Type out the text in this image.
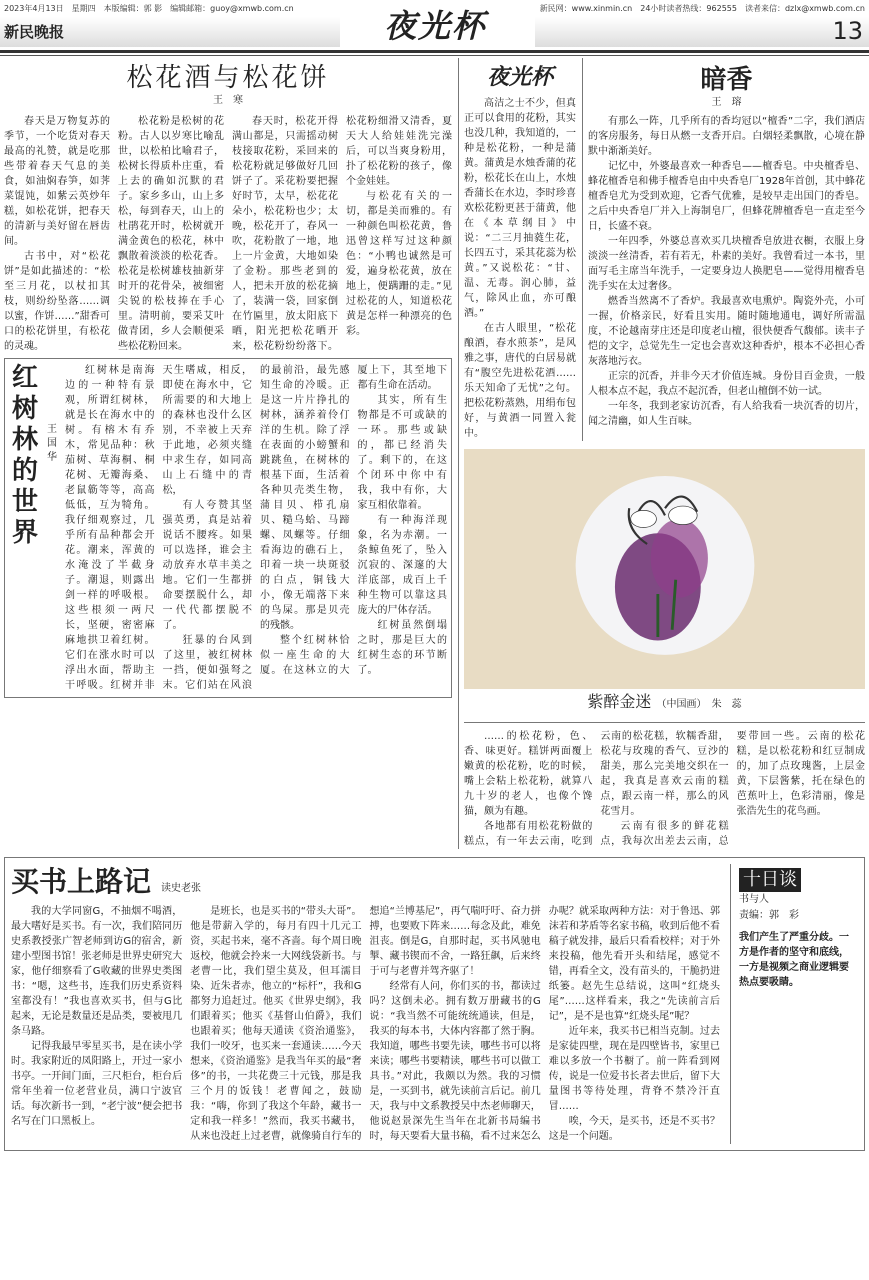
2023年4月13日　星期四　本版编辑：郭 影　编辑邮箱：guoy@xmwb.com.cn	新民网：www.xinmin.cn　24小时读者热线：962555　读者来信：dzlx@xmwb.com.cn
新民晚报	夜光杯	13
松花酒与松花饼
王　寒

春天是万物复苏的季节，一个吃货对春天最高的礼赞，就是吃那些带着春天气息的美食，如油焖春笋，如荠菜馄饨，如紫云英炒年糕，如松花饼，把春天的清新与美好留在唇齿间。

古书中，对“松花饼”是如此描述的：“松至三月花，以杖扣其枝，则纷纷坠落……调以蜜，作饼……”甜香可口的松花饼里，有松花的灵魂。

松花粉是松树的花粉。古人以岁寒比喻乱世，以松柏比喻君子，松树长得质朴庄重，看上去的确如沉默的君子。家乡多山，山上多松，每到春天，山上的杜鹃花开时，松树就开满金黄色的松花，林中飘散着淡淡的松花香。松花是松树雄枝抽新芽时开的花骨朵，被细密尖锐的松枝捧在手心里。清明前，要采艾叶做青团，乡人会顺便采些松花粉回来。

春天时，松花开得满山都是，只需摇动树枝接取花粉，采回来的松花粉就足够做好几回饼子了。采花粉要把握好时节，太早，松花花朵小，松花粉也少；太晚，松花开了，春风一吹，花粉散了一地，地上一片金黄，大地如染了金粉。那些老到的人，把未开放的松花摘了，装满一袋，回家倒在竹匾里，放太阳底下晒，阳光把松花晒开来，松花粉纷纷落下。松花粉细滑又清香，夏天大人给娃娃洗完澡后，可以当爽身粉用，扑了松花粉的孩子，像个金娃娃。

与松花有关的一切，都是美而雅的。有一种颜色叫松花黄，鲁迅曾这样写过这种颜色：“小鸭也诚然是可爱，遍身松花黄，放在地上，便蹒跚的走。”见过松花的人，知道松花黄是怎样一种漂亮的色彩。

红树林的世界
王国华

红树林是南海边的一种特有景观，所谓红树林，就是长在海水中的树。有榕木有乔木，常见品种：秋茄树、草海桐、桐花树、无瓣海桑、老鼠簕等等，高高低低，互为犄角。我仔细观察过，几乎所有品种都会开花。潮来，浑黄的水淹没了半截身子。潮退，则露出剑一样的呼吸根。这些根须一两尺长，坚硬，密密麻麻地拱卫着红树。它们在涨水时可以浮出水面，帮助主干呼吸。红树并非天生嗜咸，相反，即使在海水中，它所需要的和大地上的森林也没什么区别，不幸被上天弃于此地，必须夹缝中求生存，如同高山上石缝中的青松，

有人夸赞其坚强英勇，真是站着说话不腰疼。如果可以选择，谁会主动放弃水草丰美之地。它们一生都拼命要摆脱什么，却一代代都摆脱不了。

狂暴的台风到了这里，被红树林一挡，便如强弩之末。它们站在风浪的最前沿，最先感知生命的冷暖。正是这一片片挣扎的树林，涵养着伶仃洋的生机。除了浮在表面的小螃蟹和跳跳鱼，在树林的根基下面，生活着各种贝壳类生物，蒲目贝、栉孔扇贝、糙乌蛤、马蹄螺、凤螺等。仔细看海边的礁石上，印着一块一块斑驳的白点，铜钱大小，像无端落下来的鸟屎。那是贝壳的残骸。

整个红树林恰似一座生命的大厦。在这林立的大厦上下，其至地下都有生命在活动。

其实，所有生物都是不可或缺的一环。那些或缺的，都已经消失了。剩下的，在这个闭环中你中有我，我中有你，大家互相依靠着。

有一种海洋现象，名为赤潮。一条鲸鱼死了，坠入沉寂的、深邃的大洋底部，成百上千种生物可以靠这具庞大的尸体存活。

红树虽然倒塌之时，那是巨大的红树生态的环节断了。

夜光杯

高洁之士不少，但真正可以食用的花粉，其实也没几种，我知道的，一种是松花粉，一种是蒲黄。蒲黄是水烛香蒲的花粉，松花长在山上，水烛香蒲长在水边，李时珍喜欢松花粉更甚于蒲黄，他在《本草纲目》中说：“二三月抽蕤生花，长四五寸，采其花蕊为松黄。”又说松花：“甘、温、无毒。润心肺，益气，除风止血，亦可酿酒。”

在古人眼里，“松花酿酒，春水煎茶”，是风雅之事，唐代的白居易就有“腹空先进松花酒……乐天知命了无忧”之句。把松花粉蒸熟，用绢布包好，与黄酒一同置入瓮中。

暗香
王　瑢

有那么一阵，几乎所有的香均冠以“檀香”二字，我们酒店的客房服务，每日从燃一支香开启。白烟轻柔飘散，心境在静默中渐渐美好。

记忆中，外婆最喜欢一种香皂——檀香皂。中央檀香皂、蜂花檀香皂和佛手檀香皂由中央香皂厂1928年首创，其中蜂花檀香皂尤为受到欢迎，它香气优雅，是较早走出国门的香皂。之后中央香皂厂并入上海制皂厂，但蜂花牌檀香皂一直走至今日，长盛不衰。

一年四季，外婆总喜欢买几块檀香皂放进衣橱，衣服上身淡淡一丝清香，若有若无，朴素的美好。我曾看过一本书，里面写毛主席当年洗手，一定要身边人换肥皂——觉得用檀香皂洗手实在太过奢侈。

燃香当然离不了香炉。我最喜欢电熏炉。陶瓷外壳，小可一握，价格亲民，好看且实用。随时随地通电，调好所需温度，不论越南芽庄还是印度老山檀，很快便香气馥郁。读丰子恺的文字，总觉先生一定也会喜欢这种香炉，根本不必担心香灰落地污衣。

正宗的沉香，并非今天才价值连城。身份目百金贵，一般人根本点不起，我点不起沉香，但老山檀倒不妨一试。

一年冬，我到老家访沉香，有人给我看一块沉香的切片，闻之清幽，如人生百味。

紫醉金迷 （中国画） 朱　蕊

……的松花粉，色、香、味更好。糕饼两面覆上嫩黄的松花粉，吃的时候，嘴上会粘上松花粉，就算八九十岁的老人，也像个馋猫，颇为有趣。

各地都有用松花粉做的糕点，有一年去云南，吃到云南的松花糕，软糯香甜，松花与玫瑰的香气、豆沙的甜美，那么完美地交织在一起，我真是喜欢云南的糕点，跟云南一样，那么的风花雪月。

云南有很多的鲜花糕点，我每次出差去云南，总要带回一些。云南的松花糕，是以松花粉和红豆制成的，加了点玫瑰酱，上层金黄，下层酱紫，托在绿色的芭蕉叶上，色彩清丽，像是张浩先生的花鸟画。

买书上路记 读史老张

我的大学同窗G，不抽烟不喝酒，最大嗜好是买书。有一次，我们陪同历史系教授张广智老师到访G的宿舍，新建小型图书馆！张老师是世界史研究大家，他仔细察看了G收藏的世界史类图书：“嗯，这些书，连我们历史系资料室都没有！”我也喜欢买书，但与G比起来，无论是数量还是品类，要被甩几条马路。

记得我最早零星买书，是在读小学时。我家附近的凤阳路上，开过一家小书亭。一开间门面，三尺柜台，柜台后常年坐着一位老营业员，满口宁波官话。每次新书一到，“老宁波”便会把书名写在门口黑板上。

是班长，也是买书的“带头大哥”。他是带薪入学的，每月有四十几元工资，买起书来，毫不吝啬。每个周日晚返校，他就会拎来一大网线袋新书。与老曹一比，我们望尘莫及，但耳濡目染、近朱者赤，他立的“标杆”，我和G都努力追赶过。他买《世界史纲》，我们跟着买；他买《基督山伯爵》，我们也跟着买；他每天通读《资治通鉴》，我们一咬牙，也买来一套通读……今天想来，《资治通鉴》是我当年买的最“奢侈”的书，一共花费三十元钱，那是我三个月的饭钱！老曹闻之，鼓励我：“嗨，你到了我这个年龄，藏书一定和我一样多！”然而，我买书藏书，从来也没赶上过老曹，就像骑自行车的想追“兰博基尼”，再气喘吁吁、奋力拼搏，也要败下阵来……每念及此，难免沮丧。倒是G，自那时起，买书风驰电掣、藏书锲而不舍，一路狂飙，后来终于可与老曹并驾齐驱了！

经常有人问，你们买的书，都读过吗？这倒未必。拥有数万册藏书的G说：“我当然不可能统统通读，但是，我买的每本书，大体内容都了然于胸。我知道，哪些书要先读，哪些书可以将来读；哪些书要精读，哪些书可以做工具书。”对此，我颇以为然。我的习惯是，一买到书，就先读前言后记。前几天，我与中文系教授吴中杰老师聊天，他说赵景深先生当年在北新书局编书时，每天要看大量书稿，看不过来怎么办呢？就采取两种方法：对于鲁迅、郭沫若和茅盾等名家书稿，收到后他不看稿子就发排，最后只看看校样；对于外来投稿，他先看开头和结尾，感觉不错，再看全文，没有苗头的，干脆扔进纸篓。赵先生总结说，这叫“红烧头尾”……这样看来，我之“先读前言后记”，是不是也算“红烧头尾”呢？

近年来，我买书已相当克制。过去是家徒四壁，现在是四壁皆书，家里已难以多放一个书橱了。前一阵看到网传，说是一位爱书长者去世后，留下大量图书等待处理，背脊不禁冷汗直冒……

唉，今天，是买书，还是不买书？这是一个问题。

十日谈
书与人
责编：郭　彩
我们产生了严重分歧。一方是作者的坚守和底线，一方是视频之商业逻辑要热点要吸睛。
